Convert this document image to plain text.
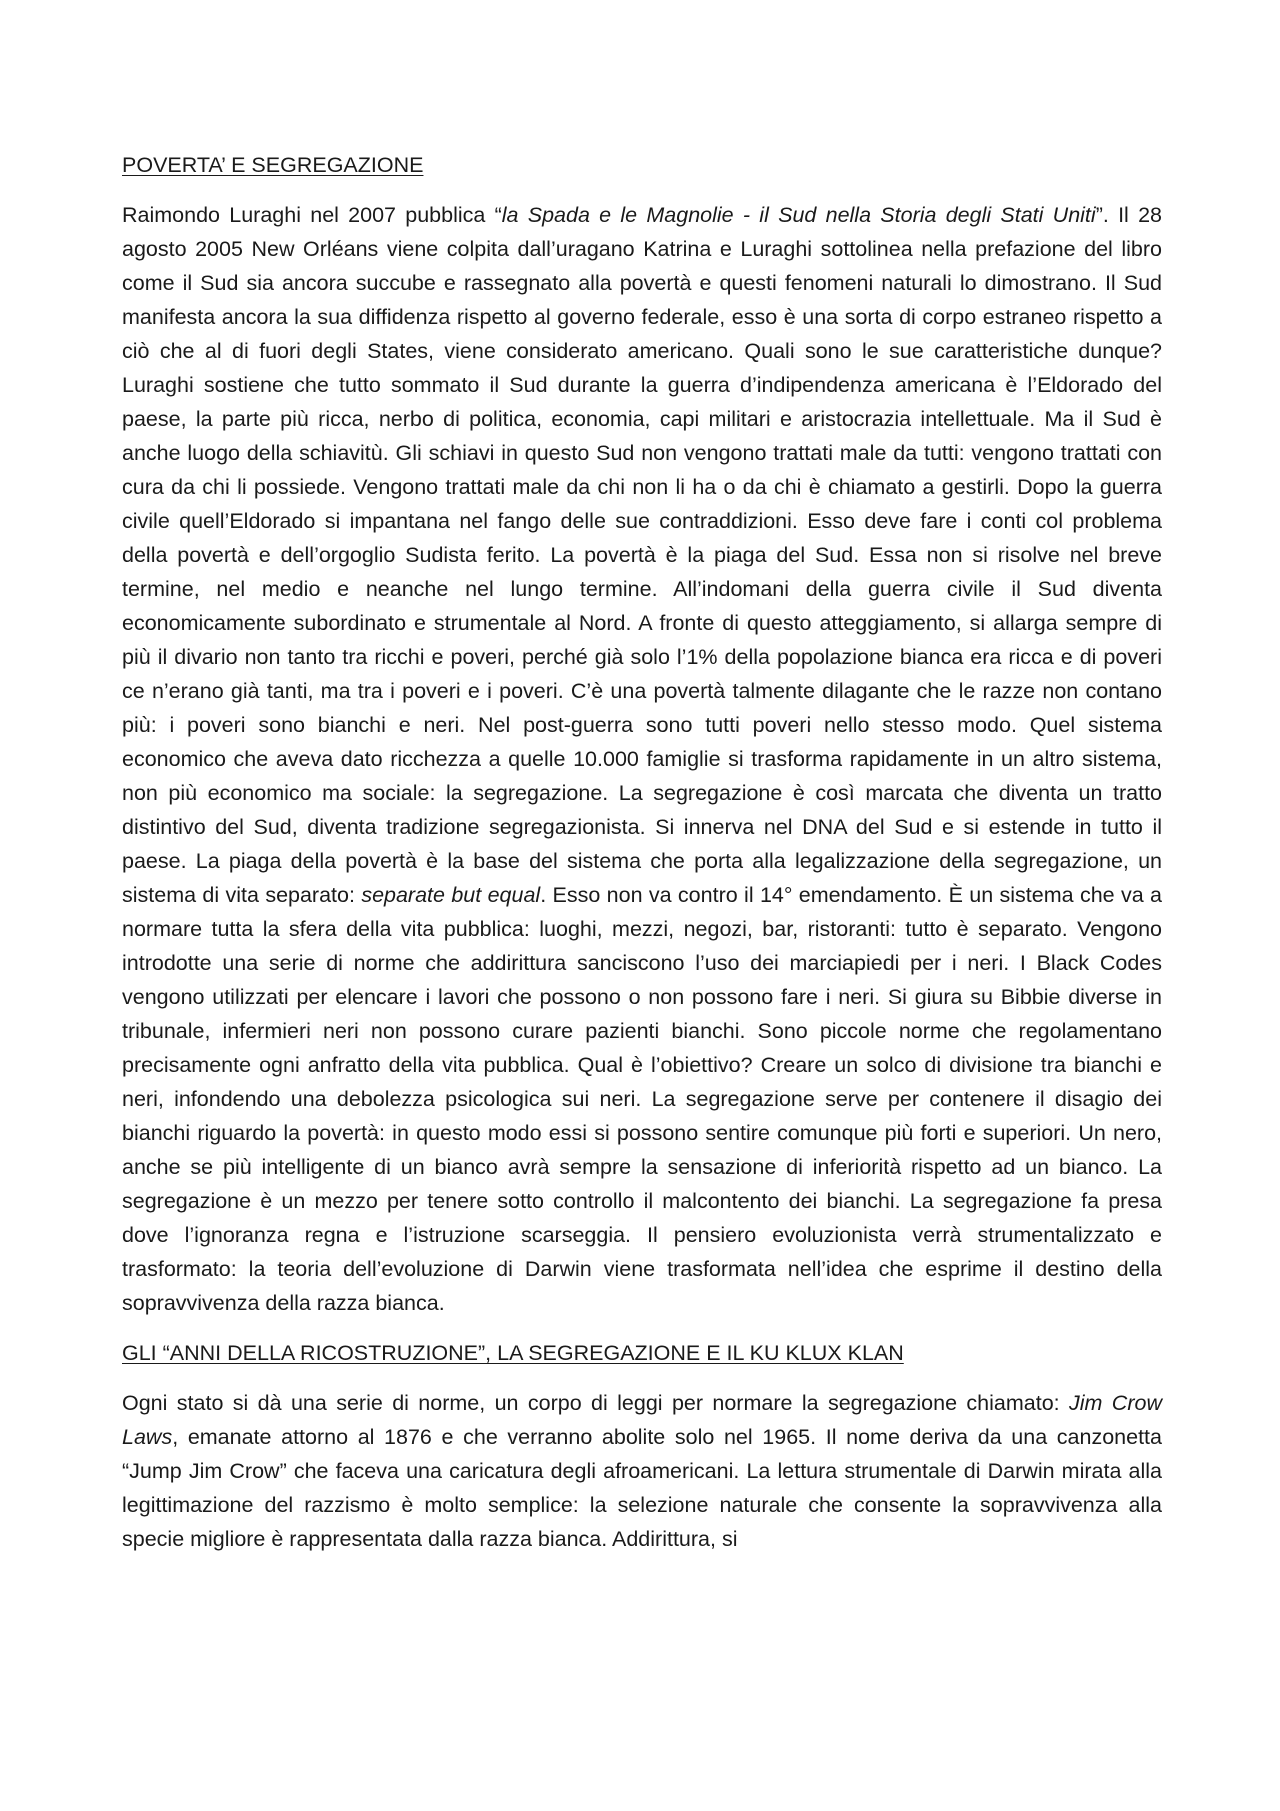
POVERTA’ E SEGREGAZIONE

Raimondo Luraghi nel 2007 pubblica “la Spada e le Magnolie - il Sud nella Storia degli Stati Uniti”. Il 28 agosto 2005 New Orléans viene colpita dall’uragano Katrina e Luraghi sottolinea nella prefazione del libro come il Sud sia ancora succube e rassegnato alla povertà e questi fenomeni naturali lo dimostrano. Il Sud manifesta ancora la sua diffidenza rispetto al governo federale, esso è una sorta di corpo estraneo rispetto a ciò che al di fuori degli States, viene considerato americano. Quali sono le sue caratteristiche dunque? Luraghi sostiene che tutto sommato il Sud durante la guerra d’indipendenza americana è l’Eldorado del paese, la parte più ricca, nerbo di politica, economia, capi militari e aristocrazia intellettuale. Ma il Sud è anche luogo della schiavitù. Gli schiavi in questo Sud non vengono trattati male da tutti: vengono trattati con cura da chi li possiede. Vengono trattati male da chi non li ha o da chi è chiamato a gestirli. Dopo la guerra civile quell’Eldorado si impantana nel fango delle sue contraddizioni. Esso deve fare i conti col problema della povertà e dell’orgoglio Sudista ferito. La povertà è la piaga del Sud. Essa non si risolve nel breve termine, nel medio e neanche nel lungo termine. All’indomani della guerra civile il Sud diventa economicamente subordinato e strumentale al Nord. A fronte di questo atteggiamento, si allarga sempre di più il divario non tanto tra ricchi e poveri, perché già solo l’1% della popolazione bianca era ricca e di poveri ce n’erano già tanti, ma tra i poveri e i poveri. C’è una povertà talmente dilagante che le razze non contano più: i poveri sono bianchi e neri. Nel post-guerra sono tutti poveri nello stesso modo. Quel sistema economico che aveva dato ricchezza a quelle 10.000 famiglie si trasforma rapidamente in un altro sistema, non più economico ma sociale: la segregazione. La segregazione è così marcata che diventa un tratto distintivo del Sud, diventa tradizione segregazionista. Si innerva nel DNA del Sud e si estende in tutto il paese. La piaga della povertà è la base del sistema che porta alla legalizzazione della segregazione, un sistema di vita separato: separate but equal. Esso non va contro il 14° emendamento. È un sistema che va a normare tutta la sfera della vita pubblica: luoghi, mezzi, negozi, bar, ristoranti: tutto è separato. Vengono introdotte una serie di norme che addirittura sanciscono l’uso dei marciapiedi per i neri. I Black Codes vengono utilizzati per elencare i lavori che possono o non possono fare i neri. Si giura su Bibbie diverse in tribunale, infermieri neri non possono curare pazienti bianchi. Sono piccole norme che regolamentano precisamente ogni anfratto della vita pubblica. Qual è l’obiettivo? Creare un solco di divisione tra bianchi e neri, infondendo una debolezza psicologica sui neri. La segregazione serve per contenere il disagio dei bianchi riguardo la povertà: in questo modo essi si possono sentire comunque più forti e superiori. Un nero, anche se più intelligente di un bianco avrà sempre la sensazione di inferiorità rispetto ad un bianco. La segregazione è un mezzo per tenere sotto controllo il malcontento dei bianchi. La segregazione fa presa dove l’ignoranza regna e l’istruzione scarseggia. Il pensiero evoluzionista verrà strumentalizzato e trasformato: la teoria dell’evoluzione di Darwin viene trasformata nell’idea che esprime il destino della sopravvivenza della razza bianca.

GLI “ANNI DELLA RICOSTRUZIONE”, LA SEGREGAZIONE E IL KU KLUX KLAN

Ogni stato si dà una serie di norme, un corpo di leggi per normare la segregazione chiamato: Jim Crow Laws, emanate attorno al 1876 e che verranno abolite solo nel 1965. Il nome deriva da una canzonetta “Jump Jim Crow” che faceva una caricatura degli afroamericani. La lettura strumentale di Darwin mirata alla legittimazione del razzismo è molto semplice: la selezione naturale che consente la sopravvivenza alla specie migliore è rappresentata dalla razza bianca. Addirittura, si
